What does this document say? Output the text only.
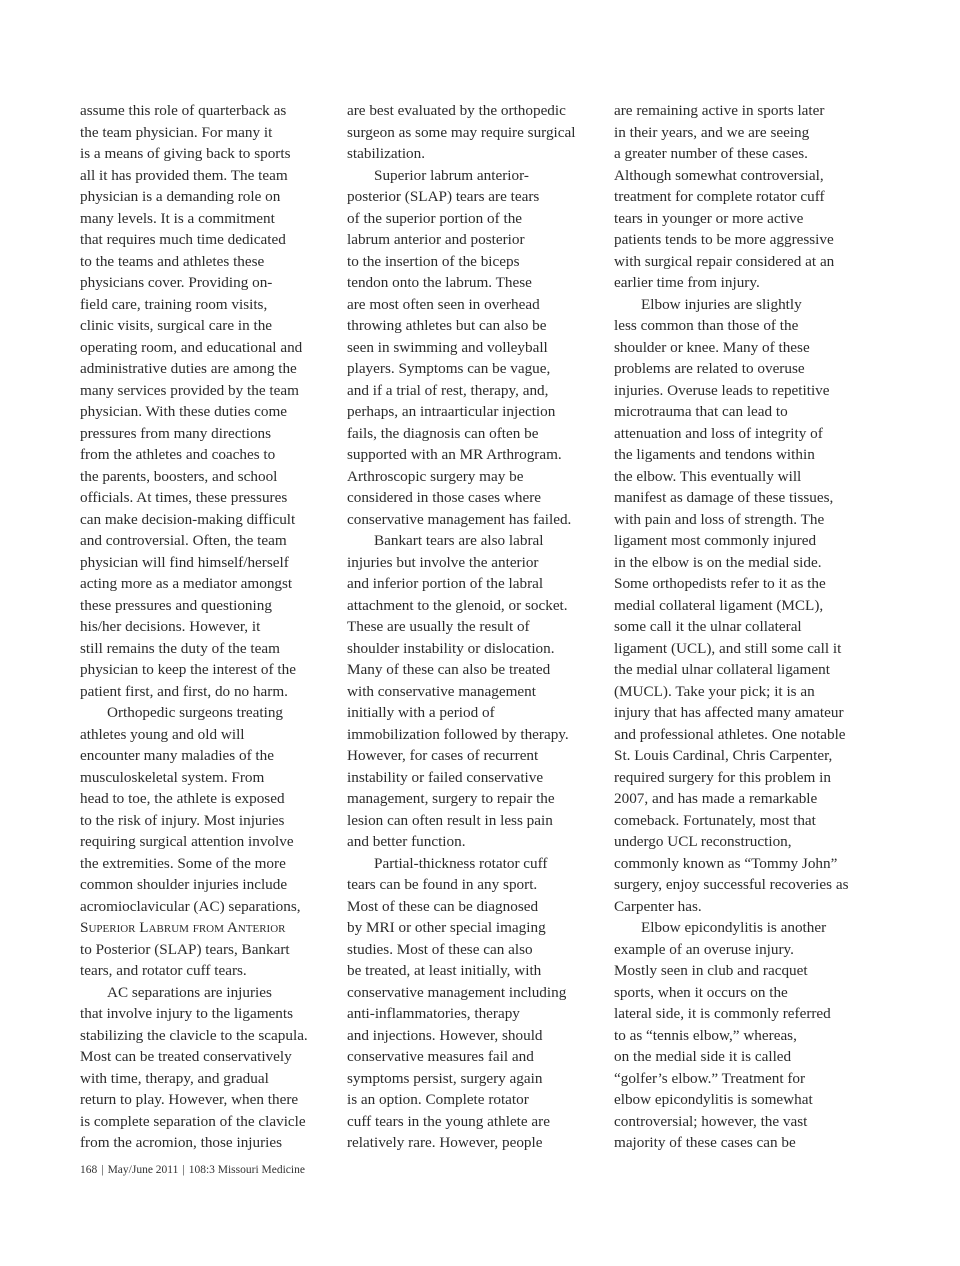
assume this role of quarterback as
the team physician. For many it
is a means of giving back to sports
all it has provided them. The team
physician is a demanding role on
many levels. It is a commitment
that requires much time dedicated
to the teams and athletes these
physicians cover. Providing on-
field care, training room visits,
clinic visits, surgical care in the
operating room, and educational and
administrative duties are among the
many services provided by the team
physician. With these duties come
pressures from many directions
from the athletes and coaches to
the parents, boosters, and school
officials. At times, these pressures
can make decision-making difficult
and controversial. Often, the team
physician will find himself/herself
acting more as a mediator amongst
these pressures and questioning
his/her decisions. However, it
still remains the duty of the team
physician to keep the interest of the
patient first, and first, do no harm.
Orthopedic surgeons treating
athletes young and old will
encounter many maladies of the
musculoskeletal system. From
head to toe, the athlete is exposed
to the risk of injury. Most injuries
requiring surgical attention involve
the extremities. Some of the more
common shoulder injuries include
acromioclavicular (AC) separations,
Superior Labrum from Anterior
to Posterior (SLAP) tears, Bankart
tears, and rotator cuff tears.
AC separations are injuries
that involve injury to the ligaments
stabilizing the clavicle to the scapula.
Most can be treated conservatively
with time, therapy, and gradual
return to play. However, when there
is complete separation of the clavicle
from the acromion, those injuries
are best evaluated by the orthopedic
surgeon as some may require surgical
stabilization.
Superior labrum anterior-
posterior (SLAP) tears are tears
of the superior portion of the
labrum anterior and posterior
to the insertion of the biceps
tendon onto the labrum. These
are most often seen in overhead
throwing athletes but can also be
seen in swimming and volleyball
players. Symptoms can be vague,
and if a trial of rest, therapy, and,
perhaps, an intraarticular injection
fails, the diagnosis can often be
supported with an MR Arthrogram.
Arthroscopic surgery may be
considered in those cases where
conservative management has failed.
Bankart tears are also labral
injuries but involve the anterior
and inferior portion of the labral
attachment to the glenoid, or socket.
These are usually the result of
shoulder instability or dislocation.
Many of these can also be treated
with conservative management
initially with a period of
immobilization followed by therapy.
However, for cases of recurrent
instability or failed conservative
management, surgery to repair the
lesion can often result in less pain
and better function.
Partial-thickness rotator cuff
tears can be found in any sport.
Most of these can be diagnosed
by MRI or other special imaging
studies. Most of these can also
be treated, at least initially, with
conservative management including
anti-inflammatories, therapy
and injections. However, should
conservative measures fail and
symptoms persist, surgery again
is an option. Complete rotator
cuff tears in the young athlete are
relatively rare. However, people
are remaining active in sports later
in their years, and we are seeing
a greater number of these cases.
Although somewhat controversial,
treatment for complete rotator cuff
tears in younger or more active
patients tends to be more aggressive
with surgical repair considered at an
earlier time from injury.
Elbow injuries are slightly
less common than those of the
shoulder or knee. Many of these
problems are related to overuse
injuries. Overuse leads to repetitive
microtrauma that can lead to
attenuation and loss of integrity of
the ligaments and tendons within
the elbow. This eventually will
manifest as damage of these tissues,
with pain and loss of strength. The
ligament most commonly injured
in the elbow is on the medial side.
Some orthopedists refer to it as the
medial collateral ligament (MCL),
some call it the ulnar collateral
ligament (UCL), and still some call it
the medial ulnar collateral ligament
(MUCL). Take your pick; it is an
injury that has affected many amateur
and professional athletes. One notable
St. Louis Cardinal, Chris Carpenter,
required surgery for this problem in
2007, and has made a remarkable
comeback. Fortunately, most that
undergo UCL reconstruction,
commonly known as “Tommy John”
surgery, enjoy successful recoveries as
Carpenter has.
Elbow epicondylitis is another
example of an overuse injury.
Mostly seen in club and racquet
sports, when it occurs on the
lateral side, it is commonly referred
to as “tennis elbow,” whereas,
on the medial side it is called
“golfer’s elbow.” Treatment for
elbow epicondylitis is somewhat
controversial; however, the vast
majority of these cases can be
168 | May/June 2011 | 108:3 Missouri Medicine
